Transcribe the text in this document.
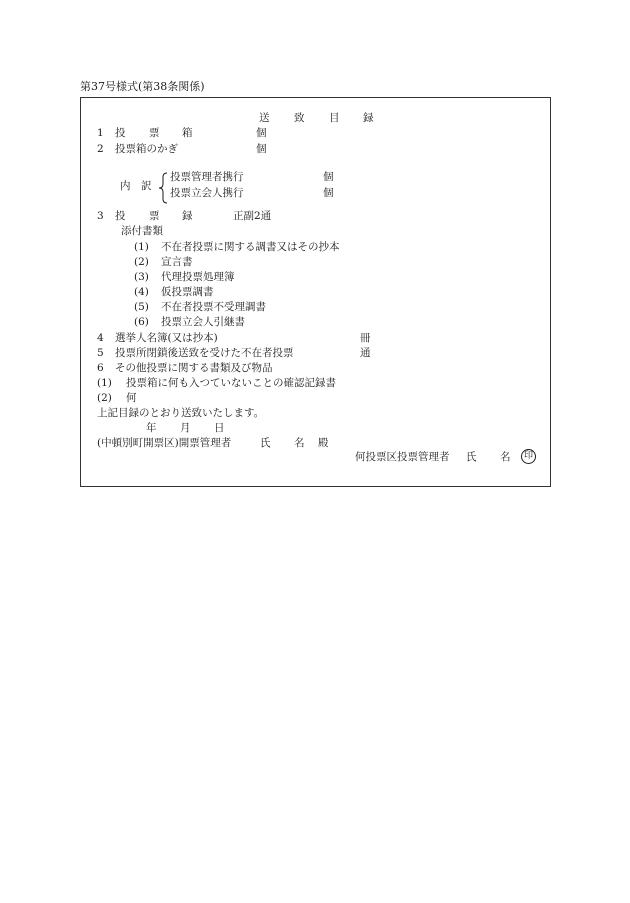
第37号様式(第38条関係)
送 致 目 録
1 投 票 箱	個
2 投票箱のかぎ	個
内 訳
投票管理者携行	個
投票立会人携行	個
3 投 票 録	正副2通
添付書類
(1) 不在者投票に関する調書又はその抄本
(2) 宣言書
(3) 代理投票処理簿
(4) 仮投票調書
(5) 不在者投票不受理調書
(6) 投票立会人引継書
4 選挙人名簿(又は抄本)	冊
5 投票所閉鎖後送致を受けた不在者投票	通
6 その他投票に関する書類及び物品
(1) 投票箱に何も入つていないことの確認記録書
(2) 何
上記目録のとおり送致いたします。
年 月 日
(中頓別町開票区)開票管理者	氏 名 殿
何投票区投票管理者 氏 名	印
